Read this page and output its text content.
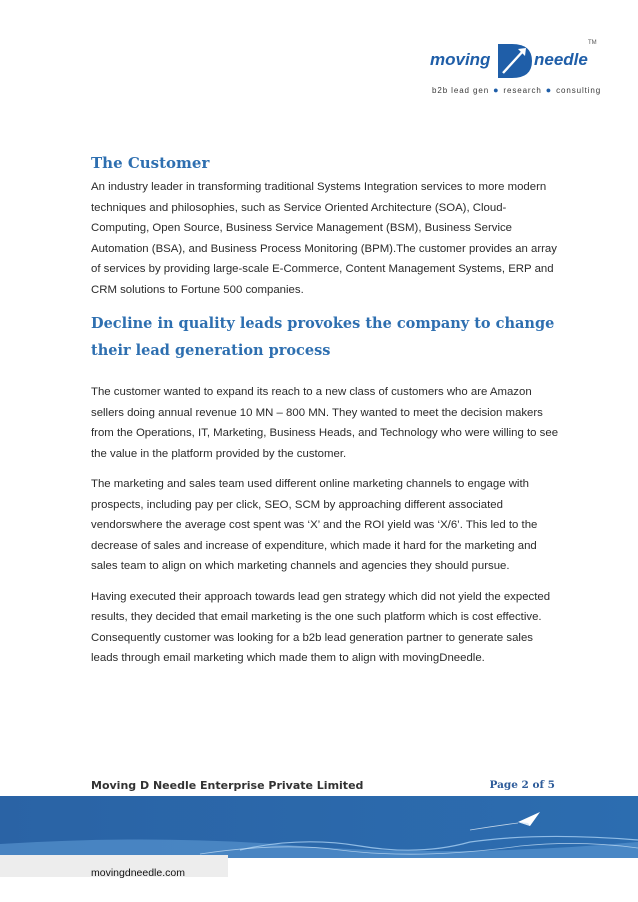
TM
moving	needle
b2b lead gen ● research ● consulting
The Customer

An industry leader in transforming traditional Systems Integration services to more modern techniques and philosophies, such as Service Oriented Architecture (SOA), Cloud-Computing, Open Source, Business Service Management (BSM), Business Service Automation (BSA), and Business Process Monitoring (BPM).The customer provides an array of services by providing large-scale E-Commerce, Content Management Systems, ERP and CRM solutions to Fortune 500 companies.

Decline in quality leads provokes the company to change their lead generation process

The customer wanted to expand its reach to a new class of customers who are Amazon sellers doing annual revenue 10 MN – 800 MN. They wanted to meet the decision makers from the Operations, IT, Marketing, Business Heads, and Technology who were willing to see the value in the platform provided by the customer.

The marketing and sales team used different online marketing channels to engage with prospects, including pay per click, SEO, SCM by approaching different associated vendorswhere the average cost spent was ‘X’ and the ROI yield was ‘X/6’. This led to the decrease of sales and increase of expenditure, which made it hard for the marketing and sales team to align on which marketing channels and agencies they should pursue.

Having executed their approach towards lead gen strategy which did not yield the expected results, they decided that email marketing is the one such platform which is cost effective. Consequently customer was looking for a b2b lead generation partner to generate sales leads through email marketing which made them to align with movingDneedle.

Moving D Needle Enterprise Private Limited	Page 2 of 5
movingdneedle.com
